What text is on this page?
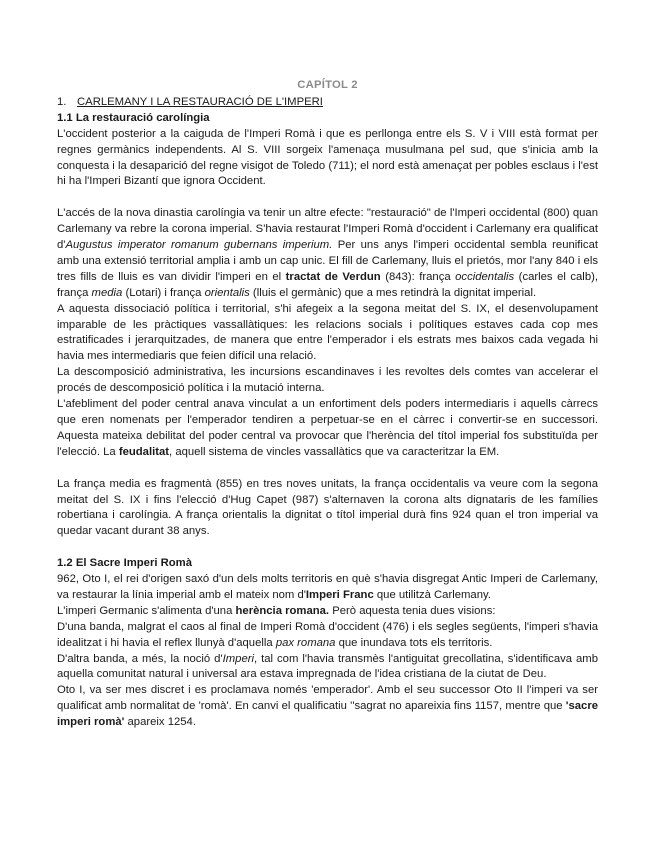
CAPÍTOL 2
1. CARLEMANY I LA RESTAURACIÓ DE L'IMPERI
1.1 La restauració carolíngia

L'occident posterior a la caiguda de l'Imperi Romà i que es perllonga entre els S. V i VIII està format per regnes germànics independents. Al S. VIII sorgeix l'amenaça musulmana pel sud, que s'inicia amb la conquesta i la desaparició del regne visigot de Toledo (711); el nord està amenaçat per pobles esclaus i l'est hi ha l'Imperi Bizantí que ignora Occident.

L'accés de la nova dinastia carolíngia va tenir un altre efecte: "restauració" de l'Imperi occidental (800) quan Carlemany va rebre la corona imperial. S'havia restaurat l'Imperi Romà d'occident i Carlemany era qualificat d'Augustus imperator romanum gubernans imperium. Per uns anys l'imperi occidental sembla reunificat amb una extensió territorial amplia i amb un cap unic. El fill de Carlemany, lluis el prietós, mor l'any 840 i els tres fills de lluis es van dividir l'imperi en el tractat de Verdun (843): frança occidentalis (carles el calb), frança media (Lotari) i frança orientalis (lluis el germànic) que a mes retindrà la dignitat imperial.

A aquesta dissociació política i territorial, s'hi afegeix a la segona meitat del S. IX, el desenvolupament imparable de les pràctiques vassallàtiques: les relacions socials i polítiques estaves cada cop mes estratificades i jerarquitzades, de manera que entre l'emperador i els estrats mes baixos cada vegada hi havia mes intermediaris que feien difícil una relació.

La descomposició administrativa, les incursions escandinaves i les revoltes dels comtes van accelerar el procés de descomposició política i la mutació interna.

L'afebliment del poder central anava vinculat a un enfortiment dels poders intermediaris i aquells càrrecs que eren nomenats per l'emperador tendiren a perpetuar-se en el càrrec i convertir-se en successori. Aquesta mateixa debilitat del poder central va provocar que l'herència del títol imperial fos substituïda per l'elecció. La feudalitat, aquell sistema de vincles vassallàtics que va caracteritzar la EM.

La frança media es fragmentà (855) en tres noves unitats, la frança occidentalis va veure com la segona meitat del S. IX i fins l'elecció d'Hug Capet (987) s'alternaven la corona alts dignataris de les famílies robertiana i carolíngia. A frança orientalis la dignitat o títol imperial durà fins 924 quan el tron imperial va quedar vacant durant 38 anys.

1.2 El Sacre Imperi Romà

962, Oto I, el rei d'origen saxó d'un dels molts territoris en què s'havia disgregat Antic Imperi de Carlemany, va restaurar la línia imperial amb el mateix nom d'Imperi Franc que utilitzà Carlemany.

L'imperi Germanic s'alimenta d'una herència romana. Però aquesta tenia dues visions:

D'una banda, malgrat el caos al final de Imperi Romà d'occident (476) i els segles següents, l'imperi s'havia idealitzat i hi havia el reflex llunyà d'aquella pax romana que inundava tots els territoris.

D'altra banda, a més, la noció d'Imperi, tal com l'havia transmès l'antiguitat grecollatina, s'identificava amb aquella comunitat natural i universal ara estava impregnada de l'idea cristiana de la ciutat de Deu.

Oto I, va ser mes discret i es proclamava només 'emperador'. Amb el seu successor Oto II l'imperi va ser qualificat amb normalitat de 'romà'. En canvi el qualificatiu ''sagrat no apareixia fins 1157, mentre que 'sacre imperi romà' apareix 1254.
